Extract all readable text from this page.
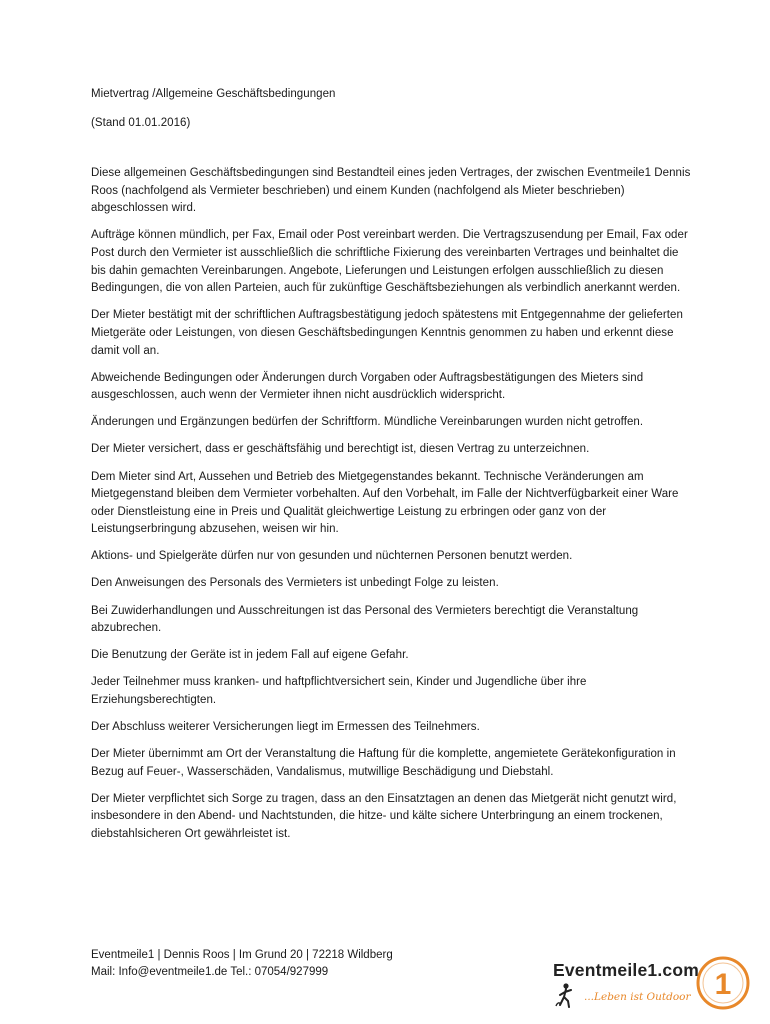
Mietvertrag /Allgemeine Geschäftsbedingungen

(Stand 01.01.2016)

Diese allgemeinen Geschäftsbedingungen sind Bestandteil eines jeden Vertrages, der zwischen Eventmeile1 Dennis Roos (nachfolgend als Vermieter beschrieben) und einem Kunden (nachfolgend als Mieter beschrieben) abgeschlossen wird.

Aufträge können mündlich, per Fax, Email oder Post vereinbart werden. Die Vertragszusendung per Email, Fax oder Post durch den Vermieter ist ausschließlich die schriftliche Fixierung des vereinbarten Vertrages und beinhaltet die bis dahin gemachten Vereinbarungen. Angebote, Lieferungen und Leistungen erfolgen ausschließlich zu diesen Bedingungen, die von allen Parteien, auch für zukünftige Geschäftsbeziehungen als verbindlich anerkannt werden.

Der Mieter bestätigt mit der schriftlichen Auftragsbestätigung jedoch spätestens mit Entgegennahme der gelieferten Mietgeräte oder Leistungen, von diesen Geschäftsbedingungen Kenntnis genommen zu haben und erkennt diese damit voll an.

Abweichende Bedingungen oder Änderungen durch Vorgaben oder Auftragsbestätigungen des Mieters sind ausgeschlossen, auch wenn der Vermieter ihnen nicht ausdrücklich widerspricht.

Änderungen und Ergänzungen bedürfen der Schriftform. Mündliche Vereinbarungen wurden nicht getroffen.

Der Mieter versichert, dass er geschäftsfähig und berechtigt ist, diesen Vertrag zu unterzeichnen.

Dem Mieter sind Art, Aussehen und Betrieb des Mietgegenstandes bekannt. Technische Veränderungen am Mietgegenstand bleiben dem Vermieter vorbehalten. Auf den Vorbehalt, im Falle der Nichtverfügbarkeit einer Ware oder Dienstleistung eine in Preis und Qualität gleichwertige Leistung zu erbringen oder ganz von der Leistungserbringung abzusehen, weisen wir hin.

Aktions- und Spielgeräte dürfen nur von gesunden und nüchternen Personen benutzt werden.

Den Anweisungen des Personals des Vermieters ist unbedingt Folge zu leisten.

Bei Zuwiderhandlungen und Ausschreitungen ist das Personal des Vermieters berechtigt die Veranstaltung abzubrechen.

Die Benutzung der Geräte ist in jedem Fall auf eigene Gefahr.

Jeder Teilnehmer muss kranken- und haftpflichtversichert sein, Kinder und Jugendliche über ihre Erziehungsberechtigten.

Der Abschluss weiterer Versicherungen liegt im Ermessen des Teilnehmers.

Der Mieter übernimmt am Ort der Veranstaltung die Haftung für die komplette, angemietete Gerätekonfiguration in Bezug auf Feuer-, Wasserschäden, Vandalismus, mutwillige Beschädigung und Diebstahl.

Der Mieter verpflichtet sich Sorge zu tragen, dass an den Einsatztagen an denen das Mietgerät nicht genutzt wird, insbesondere in den Abend- und Nachtstunden, die hitze- und kälte sichere Unterbringung an einem trockenen, diebstahlsicheren Ort gewährleistet ist.

Eventmeile1 | Dennis Roos | Im Grund 20 | 72218 Wildberg
Mail: Info@eventmeile1.de Tel.: 07054/927999	Eventmeile1.com
...Leben ist Outdoor 1
